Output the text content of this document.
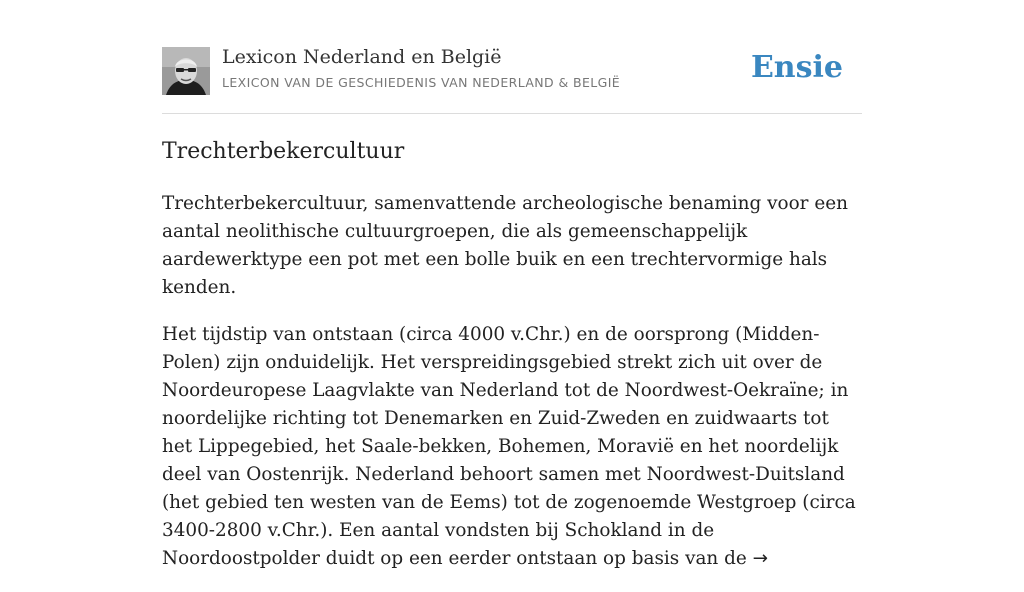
Lexicon Nederland en België
LEXICON VAN DE GESCHIEDENIS VAN NEDERLAND & BELGIË	Ensie
Trechterbekercultuur

Trechterbekercultuur, samenvattende archeologische benaming voor een aantal neolithische cultuurgroepen, die als gemeenschappelijk aardewerktype een pot met een bolle buik en een trechtervormige hals kenden.

Het tijdstip van ontstaan (circa 4000 v.Chr.) en de oorsprong (Midden-Polen) zijn onduidelijk. Het verspreidingsgebied strekt zich uit over de Noordeuropese Laagvlakte van Nederland tot de Noordwest-Oekraïne; in noordelijke richting tot Denemarken en Zuid-Zweden en zuidwaarts tot het Lippegebied, het Saale-bekken, Bohemen, Moravië en het noordelijk deel van Oostenrijk. Nederland behoort samen met Noordwest-Duitsland (het gebied ten westen van de Eems) tot de zogenoemde Westgroep (circa 3400-2800 v.Chr.). Een aantal vondsten bij Schokland in de Noordoostpolder duidt op een eerder ontstaan op basis van de →
